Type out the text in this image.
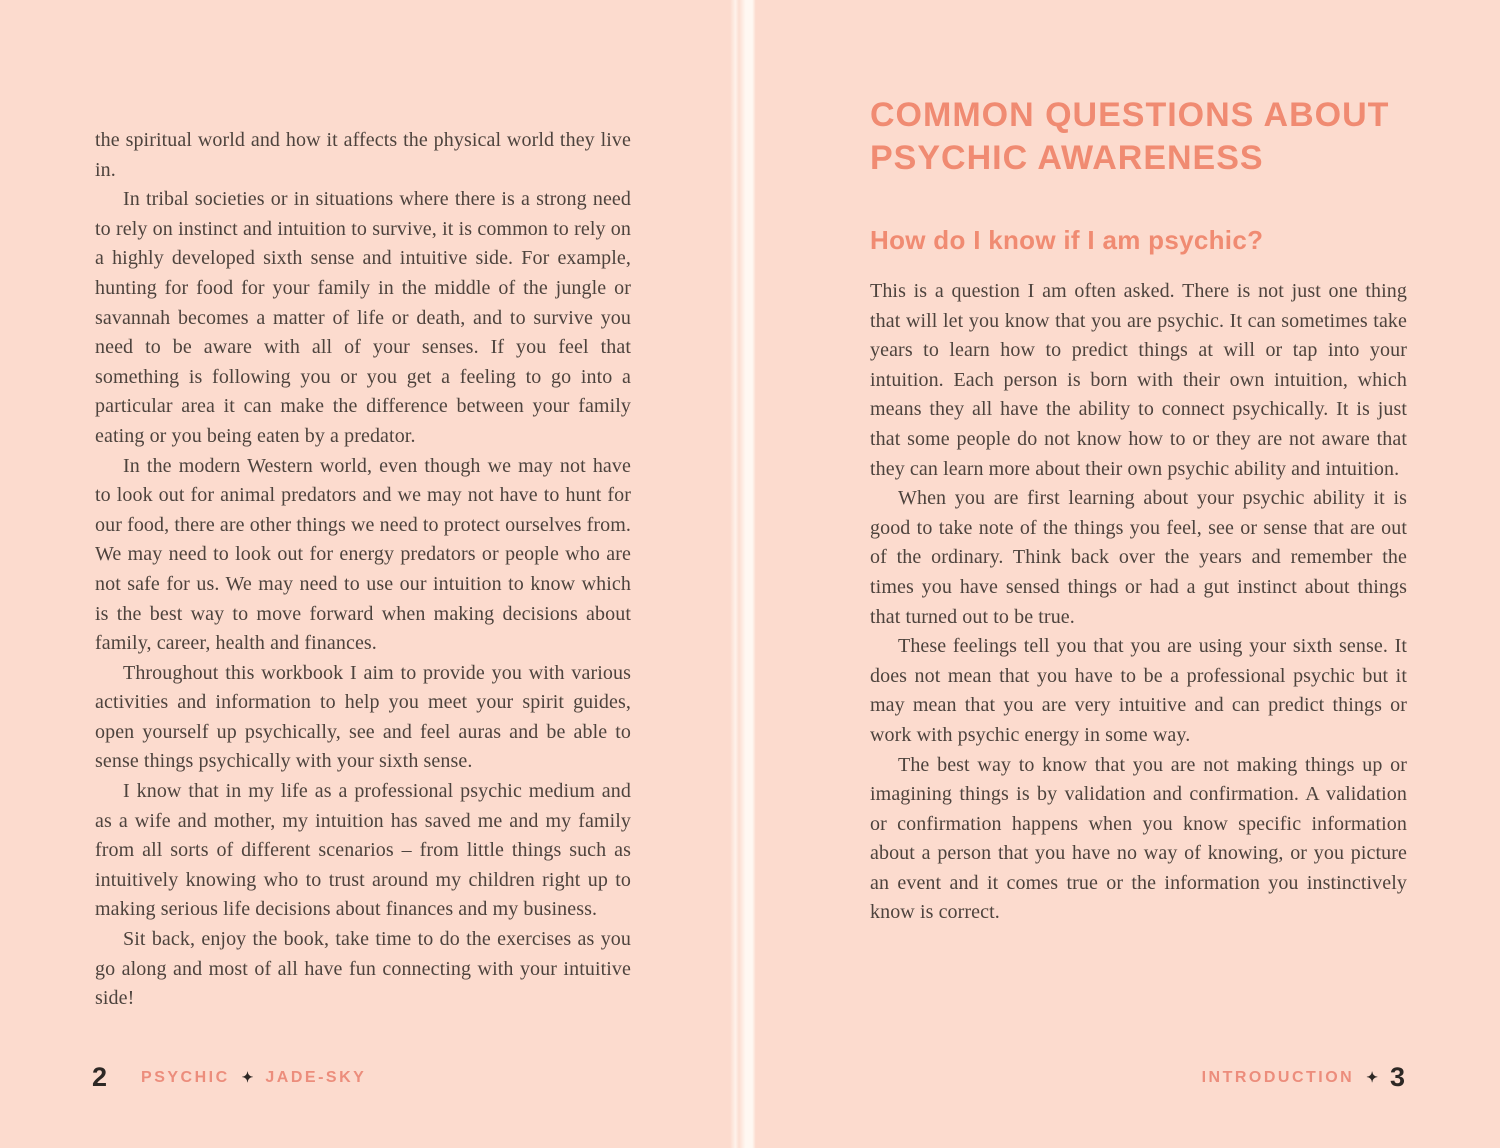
the spiritual world and how it affects the physical world they live in.

In tribal societies or in situations where there is a strong need to rely on instinct and intuition to survive, it is common to rely on a highly developed sixth sense and intuitive side. For example, hunting for food for your family in the middle of the jungle or savannah becomes a matter of life or death, and to survive you need to be aware with all of your senses. If you feel that something is following you or you get a feeling to go into a particular area it can make the difference between your family eating or you being eaten by a predator.

In the modern Western world, even though we may not have to look out for animal predators and we may not have to hunt for our food, there are other things we need to protect ourselves from. We may need to look out for energy predators or people who are not safe for us. We may need to use our intuition to know which is the best way to move forward when making decisions about family, career, health and finances.

Throughout this workbook I aim to provide you with various activities and information to help you meet your spirit guides, open yourself up psychically, see and feel auras and be able to sense things psychically with your sixth sense.

I know that in my life as a professional psychic medium and as a wife and mother, my intuition has saved me and my family from all sorts of different scenarios – from little things such as intuitively knowing who to trust around my children right up to making serious life decisions about finances and my business.

Sit back, enjoy the book, take time to do the exercises as you go along and most of all have fun connecting with your intuitive side!

2 PSYCHIC ✦ JADE-SKY
COMMON QUESTIONS ABOUT PSYCHIC AWARENESS
How do I know if I am psychic?

This is a question I am often asked. There is not just one thing that will let you know that you are psychic. It can sometimes take years to learn how to predict things at will or tap into your intuition. Each person is born with their own intuition, which means they all have the ability to connect psychically. It is just that some people do not know how to or they are not aware that they can learn more about their own psychic ability and intuition.

When you are first learning about your psychic ability it is good to take note of the things you feel, see or sense that are out of the ordinary. Think back over the years and remember the times you have sensed things or had a gut instinct about things that turned out to be true.

These feelings tell you that you are using your sixth sense. It does not mean that you have to be a professional psychic but it may mean that you are very intuitive and can predict things or work with psychic energy in some way.

The best way to know that you are not making things up or imagining things is by validation and confirmation. A validation or confirmation happens when you know specific information about a person that you have no way of knowing, or you picture an event and it comes true or the information you instinctively know is correct.

INTRODUCTION ✦ 3
